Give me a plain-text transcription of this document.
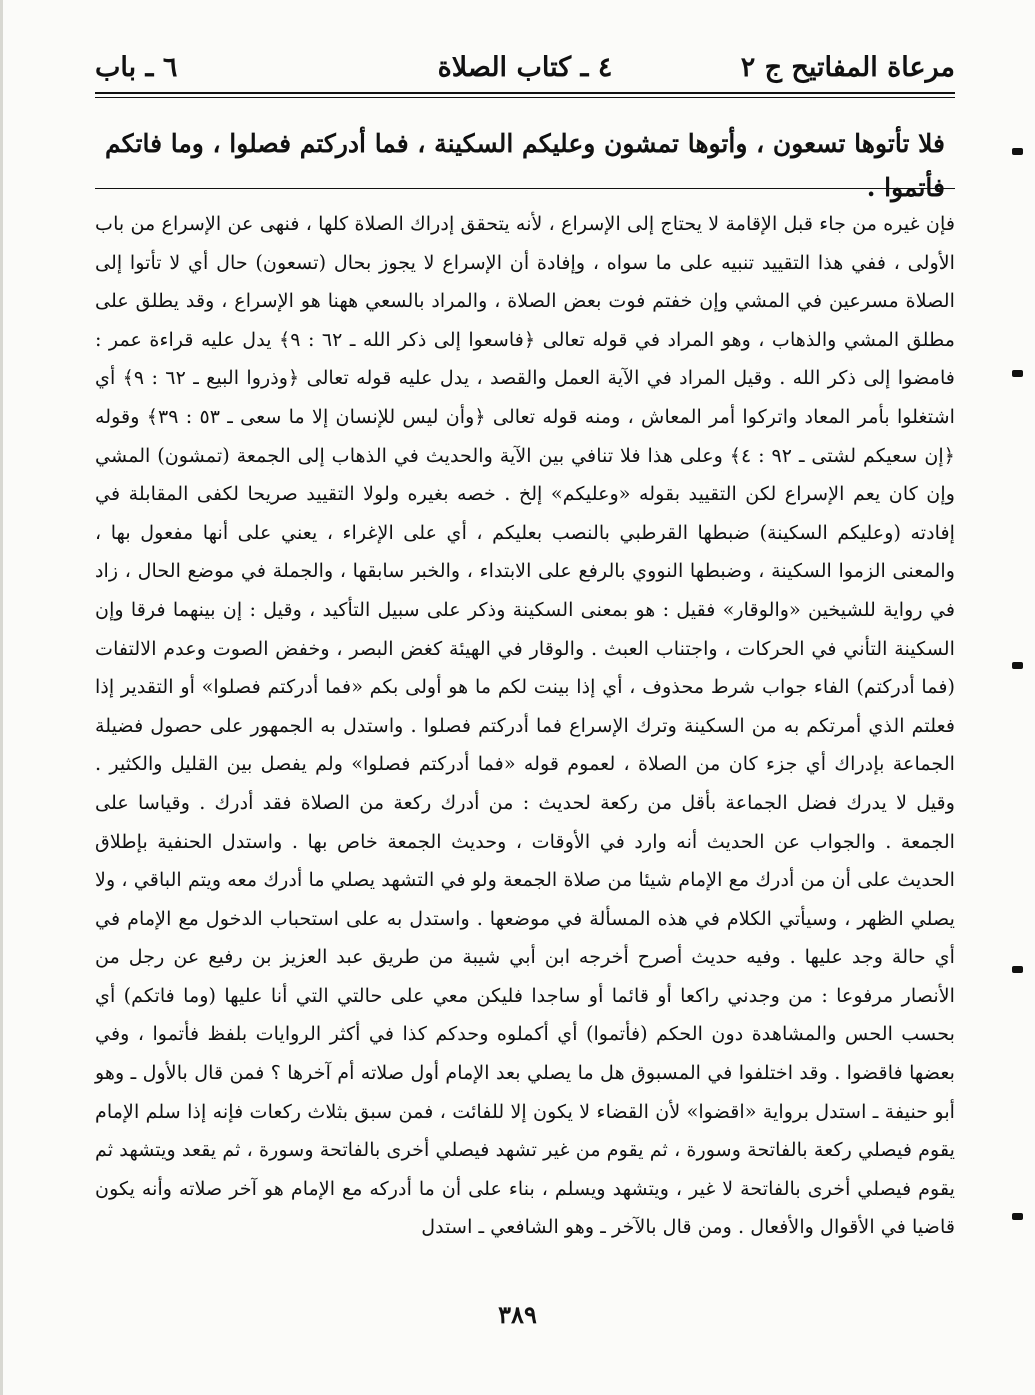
مرعاة المفاتيح ج ٢
٤ ـ كتاب الصلاة
٦ ـ باب
فلا تأتوها تسعون ، وأتوها تمشون وعليكم السكينة ، فما أدركتم فصلوا ، وما فاتكم فأتموا .

فإن غيره من جاء قبل الإقامة لا يحتاج إلى الإسراع ، لأنه يتحقق إدراك الصلاة كلها ، فنهى عن الإسراع من باب الأولى ، ففي هذا التقييد تنبيه على ما سواه ، وإفادة أن الإسراع لا يجوز بحال (تسعون) حال أي لا تأتوا إلى الصلاة مسرعين في المشي وإن خفتم فوت بعض الصلاة ، والمراد بالسعي ههنا هو الإسراع ، وقد يطلق على مطلق المشي والذهاب ، وهو المراد في قوله تعالى ﴿فاسعوا إلى ذكر الله ـ ٦٢ : ٩﴾ يدل عليه قراءة عمر : فامضوا إلى ذكر الله . وقيل المراد في الآية العمل والقصد ، يدل عليه قوله تعالى ﴿وذروا البيع ـ ٦٢ : ٩﴾ أي اشتغلوا بأمر المعاد واتركوا أمر المعاش ، ومنه قوله تعالى ﴿وأن ليس للإنسان إلا ما سعى ـ ٥٣ : ٣٩﴾ وقوله ﴿إن سعيكم لشتى ـ ٩٢ : ٤﴾ وعلى هذا فلا تنافي بين الآية والحديث في الذهاب إلى الجمعة (تمشون) المشي وإن كان يعم الإسراع لكن التقييد بقوله «وعليكم» إلخ . خصه بغيره ولولا التقييد صريحا لكفى المقابلة في إفادته (وعليكم السكينة) ضبطها القرطبي بالنصب بعليكم ، أي على الإغراء ، يعني على أنها مفعول بها ، والمعنى الزموا السكينة ، وضبطها النووي بالرفع على الابتداء ، والخبر سابقها ، والجملة في موضع الحال ، زاد في رواية للشيخين «والوقار» فقيل : هو بمعنى السكينة وذكر على سبيل التأكيد ، وقيل : إن بينهما فرقا وإن السكينة التأني في الحركات ، واجتناب العبث . والوقار في الهيئة كغض البصر ، وخفض الصوت وعدم الالتفات (فما أدركتم) الفاء جواب شرط محذوف ، أي إذا بينت لكم ما هو أولى بكم «فما أدركتم فصلوا» أو التقدير إذا فعلتم الذي أمرتكم به من السكينة وترك الإسراع فما أدركتم فصلوا . واستدل به الجمهور على حصول فضيلة الجماعة بإدراك أي جزء كان من الصلاة ، لعموم قوله «فما أدركتم فصلوا» ولم يفصل بين القليل والكثير . وقيل لا يدرك فضل الجماعة بأقل من ركعة لحديث : من أدرك ركعة من الصلاة فقد أدرك . وقياسا على الجمعة . والجواب عن الحديث أنه وارد في الأوقات ، وحديث الجمعة خاص بها . واستدل الحنفية بإطلاق الحديث على أن من أدرك مع الإمام شيئا من صلاة الجمعة ولو في التشهد يصلي ما أدرك معه ويتم الباقي ، ولا يصلي الظهر ، وسيأتي الكلام في هذه المسألة في موضعها . واستدل به على استحباب الدخول مع الإمام في أي حالة وجد عليها . وفيه حديث أصرح أخرجه ابن أبي شيبة من طريق عبد العزيز بن رفيع عن رجل من الأنصار مرفوعا : من وجدني راكعا أو قائما أو ساجدا فليكن معي على حالتي التي أنا عليها (وما فاتكم) أي بحسب الحس والمشاهدة دون الحكم (فأتموا) أي أكملوه وحدكم كذا في أكثر الروايات بلفظ فأتموا ، وفي بعضها فاقضوا . وقد اختلفوا في المسبوق هل ما يصلي بعد الإمام أول صلاته أم آخرها ؟ فمن قال بالأول ـ وهو أبو حنيفة ـ استدل برواية «اقضوا» لأن القضاء لا يكون إلا للفائت ، فمن سبق بثلاث ركعات فإنه إذا سلم الإمام يقوم فيصلي ركعة بالفاتحة وسورة ، ثم يقوم من غير تشهد فيصلي أخرى بالفاتحة وسورة ، ثم يقعد ويتشهد ثم يقوم فيصلي أخرى بالفاتحة لا غير ، ويتشهد ويسلم ، بناء على أن ما أدركه مع الإمام هو آخر صلاته وأنه يكون قاضيا في الأقوال والأفعال . ومن قال بالآخر ـ وهو الشافعي ـ استدل

٣٨٩
